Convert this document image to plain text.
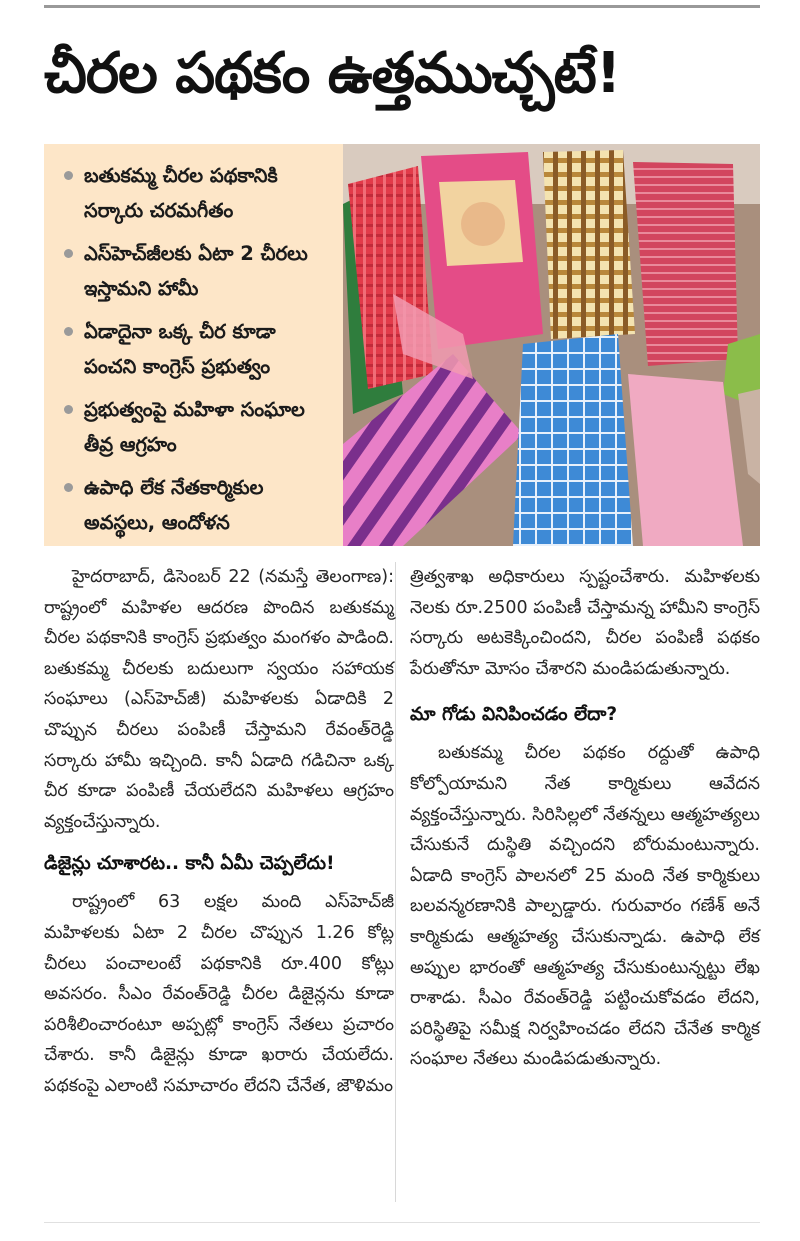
చీరల పథకం ఉత్తముచ్చటే!
బతుకమ్మ చీరల పథకానికి సర్కారు చరమగీతం
ఎస్‌హెచ్‌జీలకు ఏటా 2 చీరలు ఇస్తామని హామీ
ఏడాదైనా ఒక్క చీర కూడా పంచని కాంగ్రెస్ ప్రభుత్వం
ప్రభుత్వంపై మహిళా సంఘాల తీవ్ర ఆగ్రహం
ఉపాధి లేక నేతకార్మికుల అవస్థలు, ఆందోళన

హైదరాబాద్, డిసెంబర్ 22 (నమస్తే తెలంగాణ): రాష్ట్రంలో మహిళల ఆదరణ పొందిన బతుకమ్మ చీరల పథకానికి కాంగ్రెస్ ప్రభుత్వం మంగళం పాడింది. బతుకమ్మ చీరలకు బదులుగా స్వయం సహాయక సంఘాలు (ఎస్‌హెచ్‌జీ) మహిళలకు ఏడాదికి 2 చొప్పున చీరలు పంపిణీ చేస్తామని రేవంత్‌రెడ్డి సర్కారు హామీ ఇచ్చింది. కానీ ఏడాది గడిచినా ఒక్క చీర కూడా పంపిణీ చేయలేదని మహిళలు ఆగ్రహం వ్యక్తంచేస్తున్నారు.

డిజైన్లు చూశారట.. కానీ ఏమీ చెప్పలేదు!

రాష్ట్రంలో 63 లక్షల మంది ఎస్‌హెచ్‌జీ మహిళలకు ఏటా 2 చీరల చొప్పున 1.26 కోట్ల చీరలు పంచాలంటే పథకానికి రూ.400 కోట్లు అవసరం. సీఎం రేవంత్‌రెడ్డి చీరల డిజైన్లను కూడా పరిశీలించారంటూ అప్పట్లో కాంగ్రెస్ నేతలు ప్రచారం చేశారు. కానీ డిజైన్లు కూడా ఖరారు చేయలేదు. పథకంపై ఎలాంటి సమాచారం లేదని చేనేత, జౌళిమం

త్రిత్వశాఖ అధికారులు స్పష్టంచేశారు. మహిళలకు నెలకు రూ.2500 పంపిణీ చేస్తామన్న హామీని కాంగ్రెస్ సర్కారు అటకెక్కించిందని, చీరల పంపిణీ పథకం పేరుతోనూ మోసం చేశారని మండిపడుతున్నారు.

మా గోడు వినిపించడం లేదా?

బతుకమ్మ చీరల పథకం రద్దుతో ఉపాధి కోల్పోయామని నేత కార్మికులు ఆవేదన వ్యక్తంచేస్తున్నారు. సిరిసిల్లలో నేతన్నలు ఆత్మహత్యలు చేసుకునే దుస్థితి వచ్చిందని బోరుమంటున్నారు. ఏడాది కాంగ్రెస్ పాలనలో 25 మంది నేత కార్మికులు బలవన్మరణానికి పాల్పడ్డారు. గురువారం గణేశ్ అనే కార్మికుడు ఆత్మహత్య చేసుకున్నాడు. ఉపాధి లేక అప్పుల భారంతో ఆత్మహత్య చేసుకుంటున్నట్టు లేఖ రాశాడు. సీఎం రేవంత్‌రెడ్డి పట్టించుకోవడం లేదని, పరిస్థితిపై సమీక్ష నిర్వహించడం లేదని చేనేత కార్మిక సంఘాల నేతలు మండిపడుతున్నారు.
